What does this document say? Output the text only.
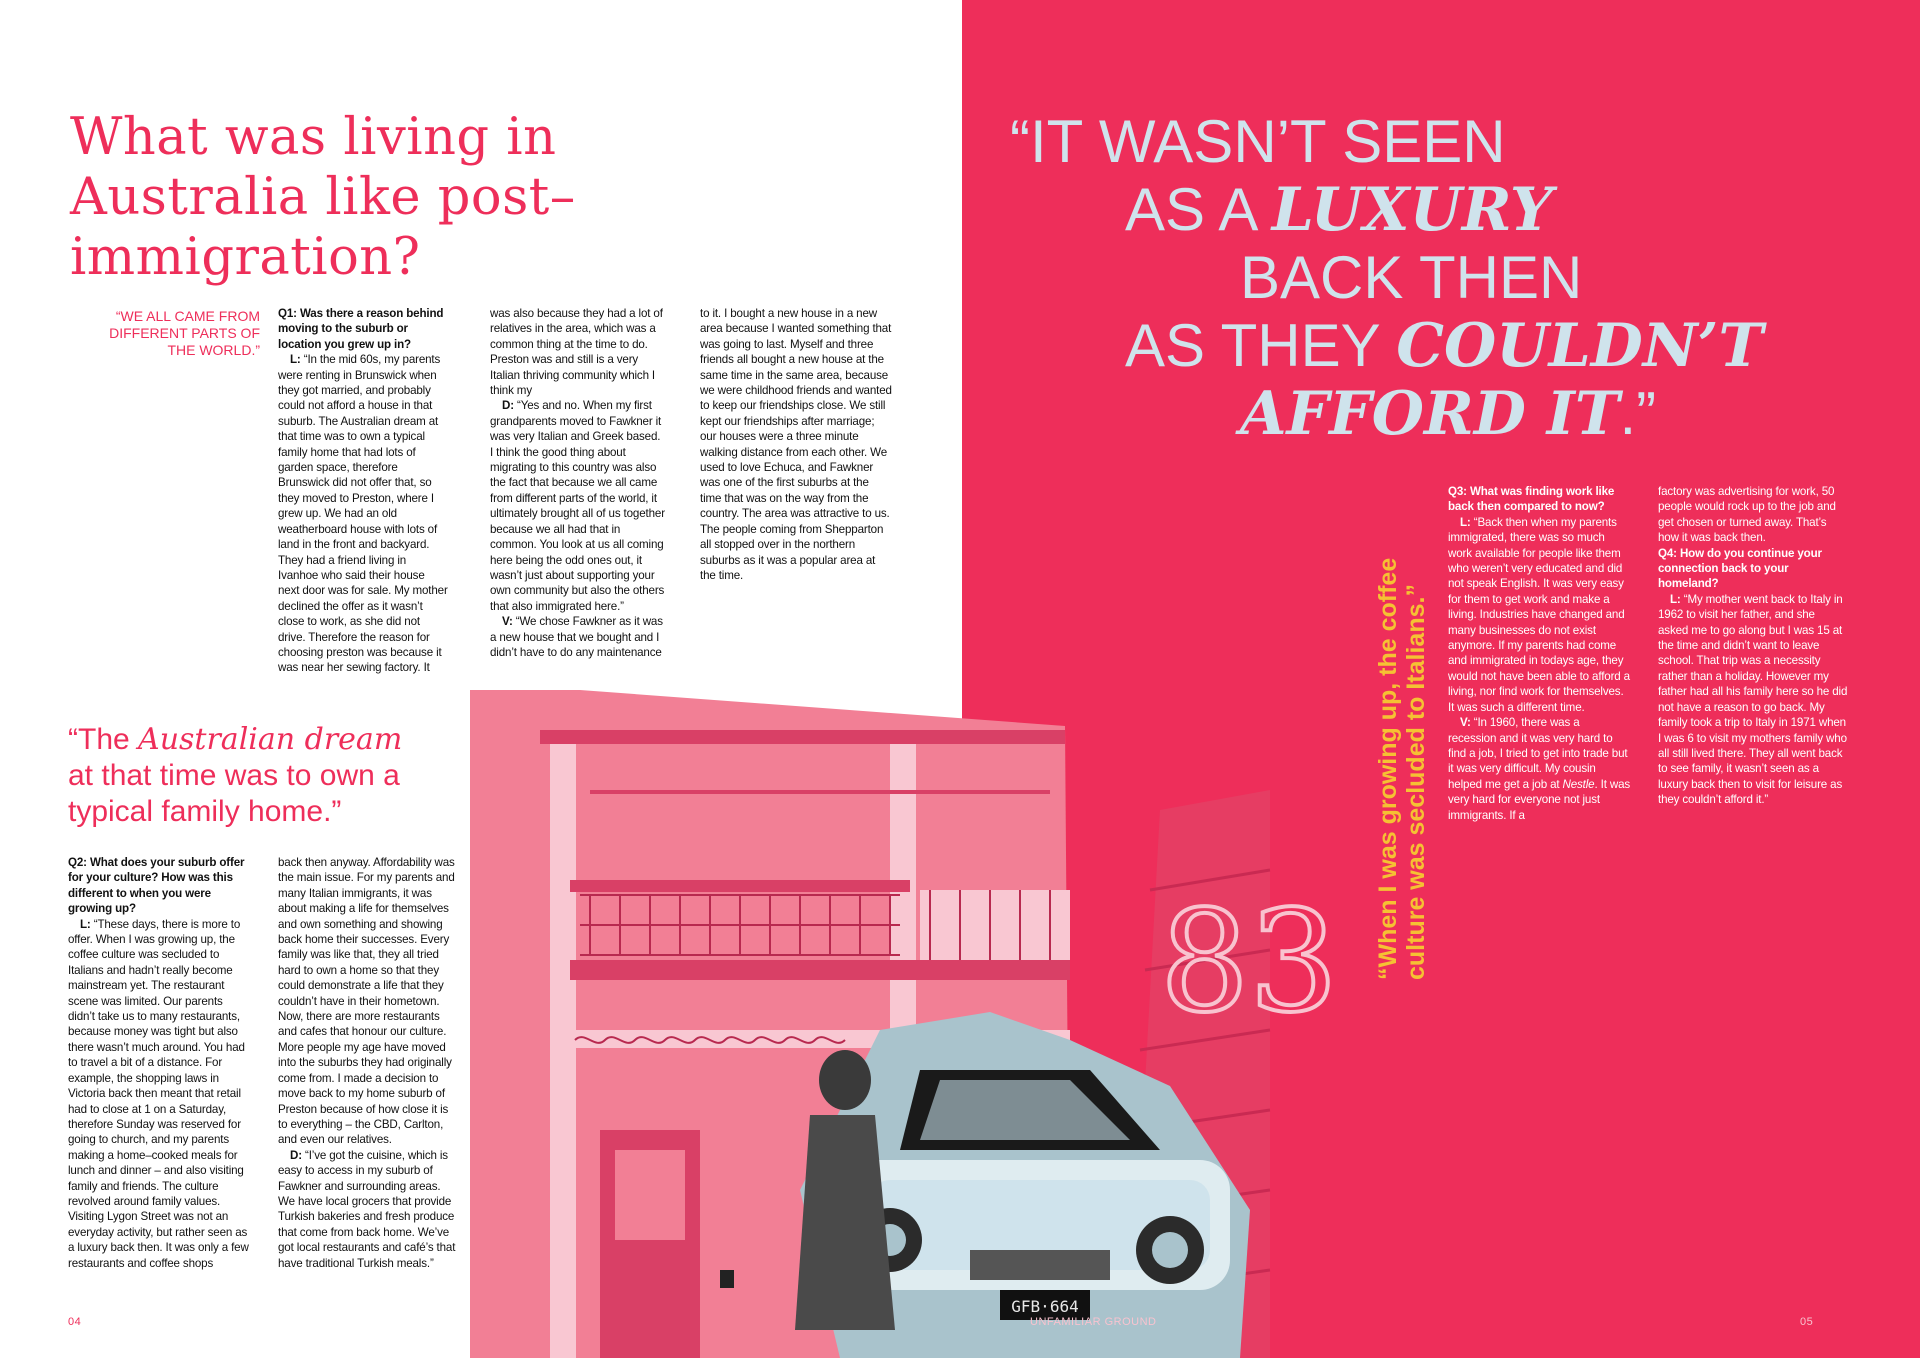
What was living in Australia like post–immigration?
“WE ALL CAME FROM DIFFERENT PARTS OF THE WORLD.”

Q1: Was there a reason behind moving to the suburb or location you grew up in?

L: “In the mid 60s, my parents were renting in Brunswick when they got married, and probably could not afford a house in that suburb. The Australian dream at that time was to own a typical family home that had lots of garden space, therefore Brunswick did not offer that, so they moved to Preston, where I grew up. We had an old weatherboard house with lots of land in the front and backyard. They had a friend living in Ivanhoe who said their house next door was for sale. My mother declined the offer as it wasn’t close to work, as she did not drive. Therefore the reason for choosing preston was because it was near her sewing factory. It

was also because they had a lot of relatives in the area, which was a common thing at the time to do. Preston was and still is a very Italian thriving community which I think my

D: “Yes and no. When my first grandparents moved to Fawkner it was very Italian and Greek based. I think the good thing about migrating to this country was also the fact that because we all came from different parts of the world, it ultimately brought all of us together because we all had that in common. You look at us all coming here being the odd ones out, it wasn’t just about supporting your own community but also the others that also immigrated here.”

V: “We chose Fawkner as it was a new house that we bought and I didn’t have to do any maintenance

to it. I bought a new house in a new area because I wanted something that was going to last. Myself and three friends all bought a new house at the same time in the same area, because we were childhood friends and wanted to keep our friendships close. We still kept our friendships after marriage; our houses were a three minute walking distance from each other. We used to love Echuca, and Fawkner was one of the first suburbs at the time that was on the way from the country. The area was attractive to us. The people coming from Shepparton all stopped over in the northern suburbs as it was a popular area at the time.

“The Australian dream
at that time was to own a typical family home.”

Q2: What does your suburb offer for your culture? How was this different to when you were growing up?

L: “These days, there is more to offer. When I was growing up, the coffee culture was secluded to Italians and hadn’t really become mainstream yet. The restaurant scene was limited. Our parents didn’t take us to many restaurants, because money was tight but also there wasn’t much around. You had to travel a bit of a distance. For example, the shopping laws in Victoria back then meant that retail had to close at 1 on a Saturday, therefore Sunday was reserved for going to church, and my parents making a home–cooked meals for lunch and dinner – and also visiting family and friends. The culture revolved around family values. Visiting Lygon Street was not an everyday activity, but rather seen as a luxury back then. It was only a few restaurants and coffee shops

back then anyway. Affordability was the main issue. For my parents and many Italian immigrants, it was about making a life for themselves and own something and showing back home their successes. Every family was like that, they all tried hard to own a home so that they could demonstrate a life that they couldn’t have in their hometown. Now, there are more restaurants and cafes that honour our culture. More people my age have moved into the suburbs they had originally come from. I made a decision to move back to my home suburb of Preston because of how close it is to everything – the CBD, Carlton, and even our relatives.

D: “I’ve got the cuisine, which is easy to access in my suburb of Fawkner and surrounding areas. We have local grocers that provide Turkish bakeries and fresh produce that come from back home. We’ve got local restaurants and café’s that have traditional Turkish meals.”

04
“IT WASN’T SEEN
AS A LUXURY
BACK THEN
AS THEY COULDN’T
AFFORD IT.”
“When I was growing up, the coffee culture was secluded to Italians.”

Q3: What was finding work like back then compared to now?

L: “Back then when my parents immigrated, there was so much work available for people like them who weren’t very educated and did not speak English. It was very easy for them to get work and make a living. Industries have changed and many businesses do not exist anymore. If my parents had come and immigrated in todays age, they would not have been able to afford a living, nor find work for themselves. It was such a different time.

V: “In 1960, there was a recession and it was very hard to find a job, I tried to get into trade but it was very difficult. My cousin helped me get a job at Nestle. It was very hard for everyone not just immigrants. If a

factory was advertising for work, 50 people would rock up to the job and get chosen or turned away. That’s how it was back then.

Q4: How do you continue your connection back to your homeland?

L: “My mother went back to Italy in 1962 to visit her father, and she asked me to go along but I was 15 at the time and didn’t want to leave school. That trip was a necessity rather than a holiday. However my father had all his family here so he did not have a reason to go back. My family took a trip to Italy in 1971 when I was 6 to visit my mothers family who all still lived there. They all went back to see family, it wasn’t seen as a luxury back then to visit for leisure as they couldn’t afford it.”

83
GFB·664
UNFAMILIAR GROUND	05
